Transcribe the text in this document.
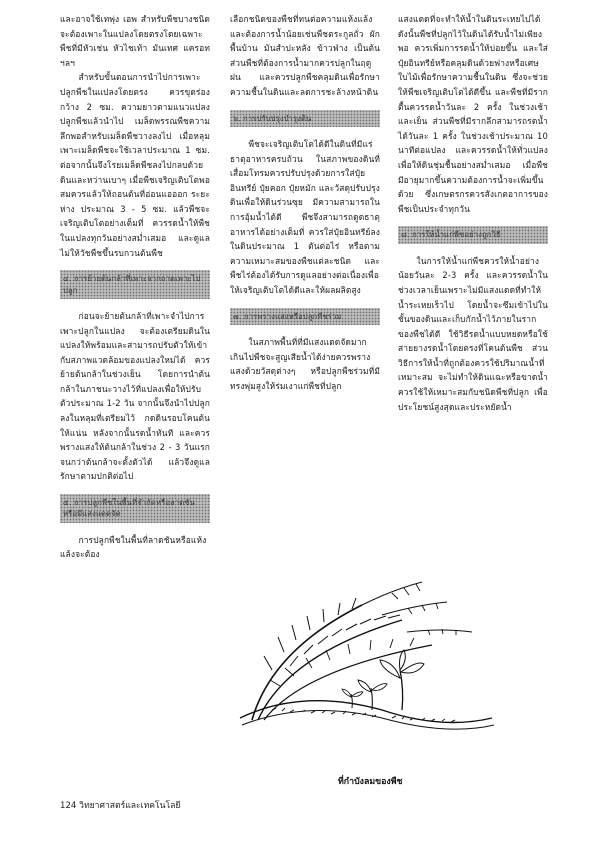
และอาจใช้เทพุ่ง เอพ สำหรับพืชบางชนิดจะต้องเพาะในแปลงโดยตรงโดยเฉพาะพืชที่มีหัวเช่น หัวไชเท้า มันเทศ แครอท ฯลฯ

สำหรับขั้นตอนการนำไปการเพาะปลูกพืชในแปลงโดยตรง ควรขุดร่องกว้าง 2 ซม. ความยาวตามแนวแปลงปลูกพืชแล้วนำไป เมล็ดพรรณพืชความลึกพอสำหรับเมล็ดพืชวางลงไป เมื่อหลุมเพาะเมล็ดพืชจะใช้เวลาประมาณ 1 ซม. ต่อจากนั้นจึงโรยเมล็ดพืชลงไปกลบด้วยดินและหว่านเบาๆ เมื่อพืชเจริญเติบโตพอสมควรแล้วให้ถอนต้นที่อ่อนแอออก ระยะห่าง ประมาณ 3 - 5 ซม. แล้วพืชจะเจริญเติบโตอย่างเต็มที่ ควรรดน้ำให้พืชในแปลงทุกวันอย่างสม่ำเสมอ และดูแลไม่ให้วัชพืชขึ้นรบกวนต้นพืช

๔. การย้ายต้นกล้าที่เพาะจากถาดเพาะไปปลูก

ก่อนจะย้ายต้นกล้าที่เพาะจำไปการเพาะปลูกในแปลง จะต้องเตรียมดินในแปลงให้พร้อมและสามารถปรับตัวให้เข้ากับสภาพแวดล้อมของแปลงใหม่ได้ ควรย้ายต้นกล้าในช่วงเย็น โดยการนำต้นกล้าในภาชนะวางไว้ที่แปลงเพื่อให้ปรับตัวประมาณ 1-2 วัน จากนั้นจึงนำไปปลูกลงในหลุมที่เตรียมไว้ กดดินรอบโคนต้นให้แน่น หลังจากนั้นรดน้ำทันที และควรพรางแสงให้ต้นกล้าในช่วง 2 - 3 วันแรกจนกว่าต้นกล้าจะตั้งตัวได้ แล้วจึงดูแลรักษาตามปกติต่อไป

๕. การปลูกพืชในพื้นที่จำกัดหรือลาดชันหรือมีแสงแดดจัด

การปลูกพืชในพื้นที่ลาดชันหรือแห้งแล้งจะต้อง

เลือกชนิดของพืชที่ทนต่อความแห้งแล้งและต้องการน้ำน้อยเช่นพืชตระกูลถั่ว ผักพื้นบ้าน มันสำปะหลัง ข้าวฟ่าง เป็นต้น ส่วนพืชที่ต้องการน้ำมากควรปลูกในฤดูฝน และควรปลูกพืชคลุมดินเพื่อรักษาความชื้นในดินและลดการชะล้างหน้าดิน

๖. การปรับปรุงบำรุงดิน

พืชจะเจริญเติบโตได้ดีในดินที่มีแร่ธาตุอาหารครบถ้วน ในสภาพของดินที่เสื่อมโทรมควรปรับปรุงด้วยการใส่ปุ๋ยอินทรีย์ ปุ๋ยคอก ปุ๋ยหมัก และวัสดุปรับปรุงดินเพื่อให้ดินร่วนซุย มีความสามารถในการอุ้มน้ำได้ดี พืชจึงสามารถดูดธาตุอาหารได้อย่างเต็มที่ ควรใส่ปุ๋ยอินทรีย์ลงในดินประมาณ 1 ตันต่อไร่ หรือตามความเหมาะสมของพืชแต่ละชนิด และพืชไร่ต้องได้รับการดูแลอย่างต่อเนื่องเพื่อให้เจริญเติบโตได้ดีและให้ผลผลิตสูง

๗. การพรางแสงหรือปลูกพืชร่วม

ในสภาพพื้นที่ที่มีแสงแดดจัดมากเกินไปพืชจะสูญเสียน้ำได้ง่ายควรพรางแสงด้วยวัสดุต่างๆ หรือปลูกพืชร่วมที่มีทรงพุ่มสูงให้ร่มเงาแก่พืชที่ปลูก

แสงแดดที่จะทำให้น้ำในดินระเหยไปได้ ดังนั้นพืชที่ปลูกไว้ในดินได้รับน้ำไม่เพียงพอ ควรเพิ่มการรดน้ำให้บ่อยขึ้น และใส่ปุ๋ยอินทรีย์หรือคลุมดินด้วยฟางหรือเศษใบไม้เพื่อรักษาความชื้นในดิน ซึ่งจะช่วยให้พืชเจริญเติบโตได้ดีขึ้น และพืชที่มีรากตื้นควรรดน้ำวันละ 2 ครั้ง ในช่วงเช้าและเย็น ส่วนพืชที่มีรากลึกสามารถรดน้ำได้วันละ 1 ครั้ง ในช่วงเช้าประมาณ 10 นาทีต่อแปลง และควรรดน้ำให้ทั่วแปลงเพื่อให้ดินชุ่มชื้นอย่างสม่ำเสมอ เมื่อพืชมีอายุมากขึ้นความต้องการน้ำจะเพิ่มขึ้นด้วย ซึ่งเกษตรกรควรสังเกตอาการของพืชเป็นประจำทุกวัน

๘. การให้น้ำแก่พืชอย่างถูกวิธี

ในการให้น้ำแก่พืชควรให้น้ำอย่างน้อยวันละ 2-3 ครั้ง และควรรดน้ำในช่วงเวลาเย็นเพราะไม่มีแสงแดดที่ทำให้น้ำระเหยเร็วไป โดยน้ำจะซึมเข้าไปในชั้นของดินและเก็บกักน้ำไว้ภายในรากของพืชได้ดี ใช้วิธีรดน้ำแบบหยดหรือใช้สายยางรดน้ำโดยตรงที่โคนต้นพืช ส่วนวิธีการให้น้ำที่ถูกต้องควรใช้ปริมาณน้ำที่เหมาะสม จะไม่ทำให้ดินแฉะหรือขาดน้ำ ควรใช้ให้เหมาะสมกับชนิดพืชที่ปลูก เพื่อประโยชน์สูงสุดและประหยัดน้ำ

ที่กำบังลมของพืช
124 วิทยาศาสตร์และเทคโนโลยี
